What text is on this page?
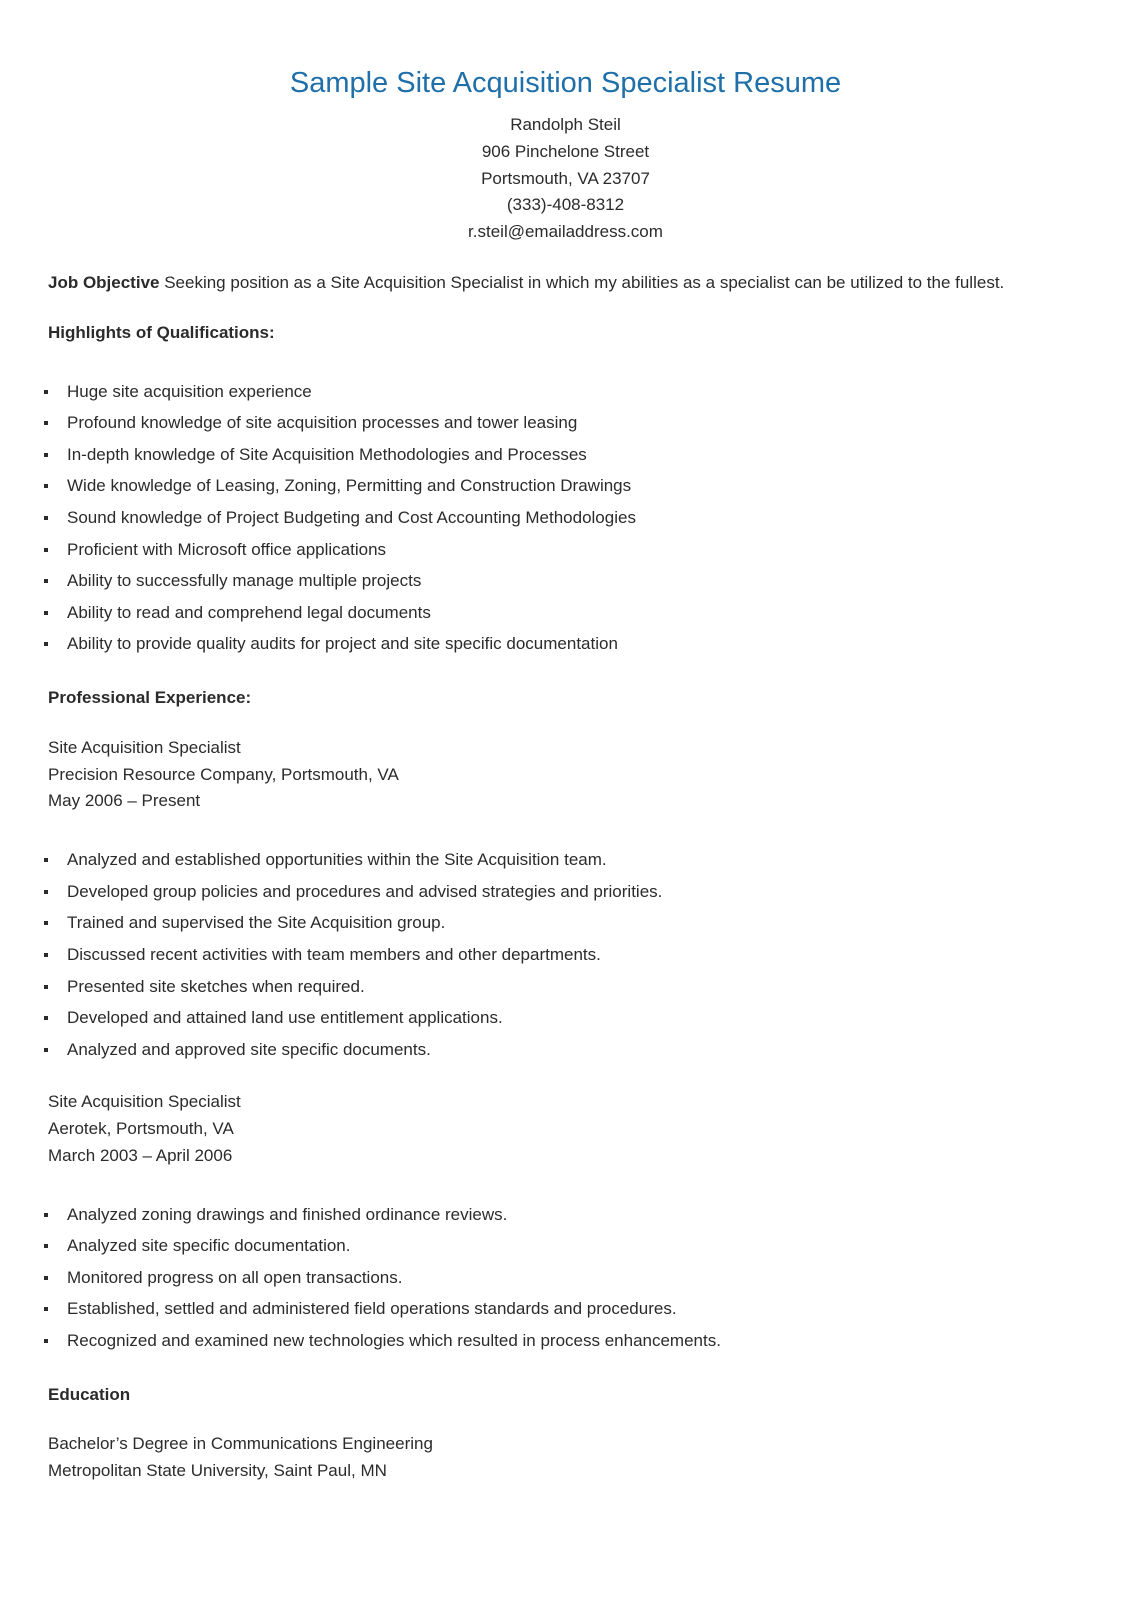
Sample Site Acquisition Specialist Resume
Randolph Steil
906 Pinchelone Street
Portsmouth, VA 23707
(333)-408-8312
r.steil@emailaddress.com
Job Objective Seeking position as a Site Acquisition Specialist in which my abilities as a specialist can be utilized to the fullest.
Highlights of Qualifications:
Huge site acquisition experience
Profound knowledge of site acquisition processes and tower leasing
In-depth knowledge of Site Acquisition Methodologies and Processes
Wide knowledge of Leasing, Zoning, Permitting and Construction Drawings
Sound knowledge of Project Budgeting and Cost Accounting Methodologies
Proficient with Microsoft office applications
Ability to successfully manage multiple projects
Ability to read and comprehend legal documents
Ability to provide quality audits for project and site specific documentation
Professional Experience:
Site Acquisition Specialist
Precision Resource Company, Portsmouth, VA
May 2006 – Present
Analyzed and established opportunities within the Site Acquisition team.
Developed group policies and procedures and advised strategies and priorities.
Trained and supervised the Site Acquisition group.
Discussed recent activities with team members and other departments.
Presented site sketches when required.
Developed and attained land use entitlement applications.
Analyzed and approved site specific documents.
Site Acquisition Specialist
Aerotek, Portsmouth, VA
March 2003 – April 2006
Analyzed zoning drawings and finished ordinance reviews.
Analyzed site specific documentation.
Monitored progress on all open transactions.
Established, settled and administered field operations standards and procedures.
Recognized and examined new technologies which resulted in process enhancements.
Education
Bachelor’s Degree in Communications Engineering
Metropolitan State University, Saint Paul, MN
